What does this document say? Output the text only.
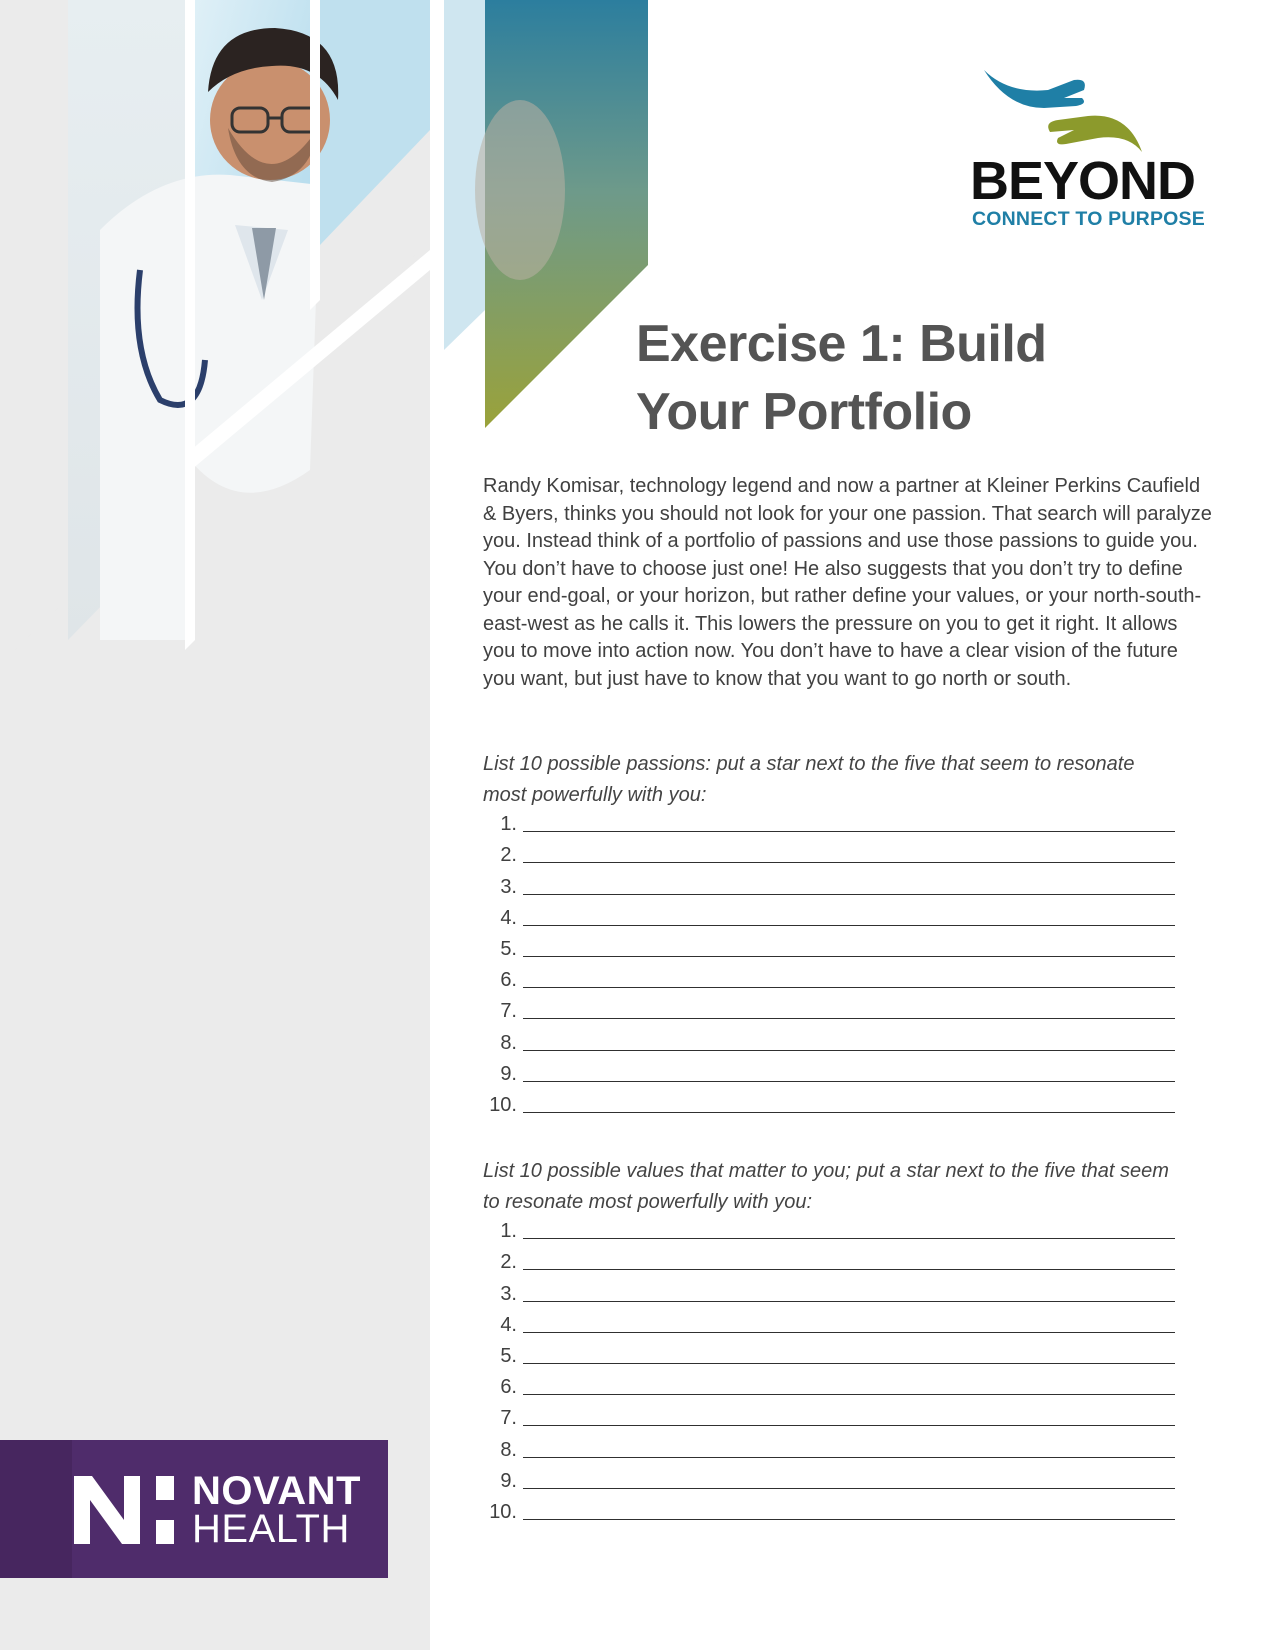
BEYOND
CONNECT TO PURPOSE
Exercise 1: Build
Your Portfolio

Randy Komisar, technology legend and now a partner at Kleiner Perkins Caufield & Byers, thinks you should not look for your one passion. That search will paralyze you. Instead think of a portfolio of passions and use those passions to guide you. You don’t have to choose just one! He also suggests that you don’t try to define your end-goal, or your horizon, but rather define your values, or your north-south-east-west as he calls it. This lowers the pressure on you to get it right. It allows you to move into action now. You don’t have to have a clear vision of the future you want, but just have to know that you want to go north or south.

List 10 possible passions: put a star next to the five that seem to resonate most powerfully with you:

1.
2.
3.
4.
5.
6.
7.
8.
9.
10.

List 10 possible values that matter to you; put a star next to the five that seem to resonate most powerfully with you:

1.
2.
3.
4.
5.
6.
7.
8.
9.
10.
NOVANT
HEALTH
